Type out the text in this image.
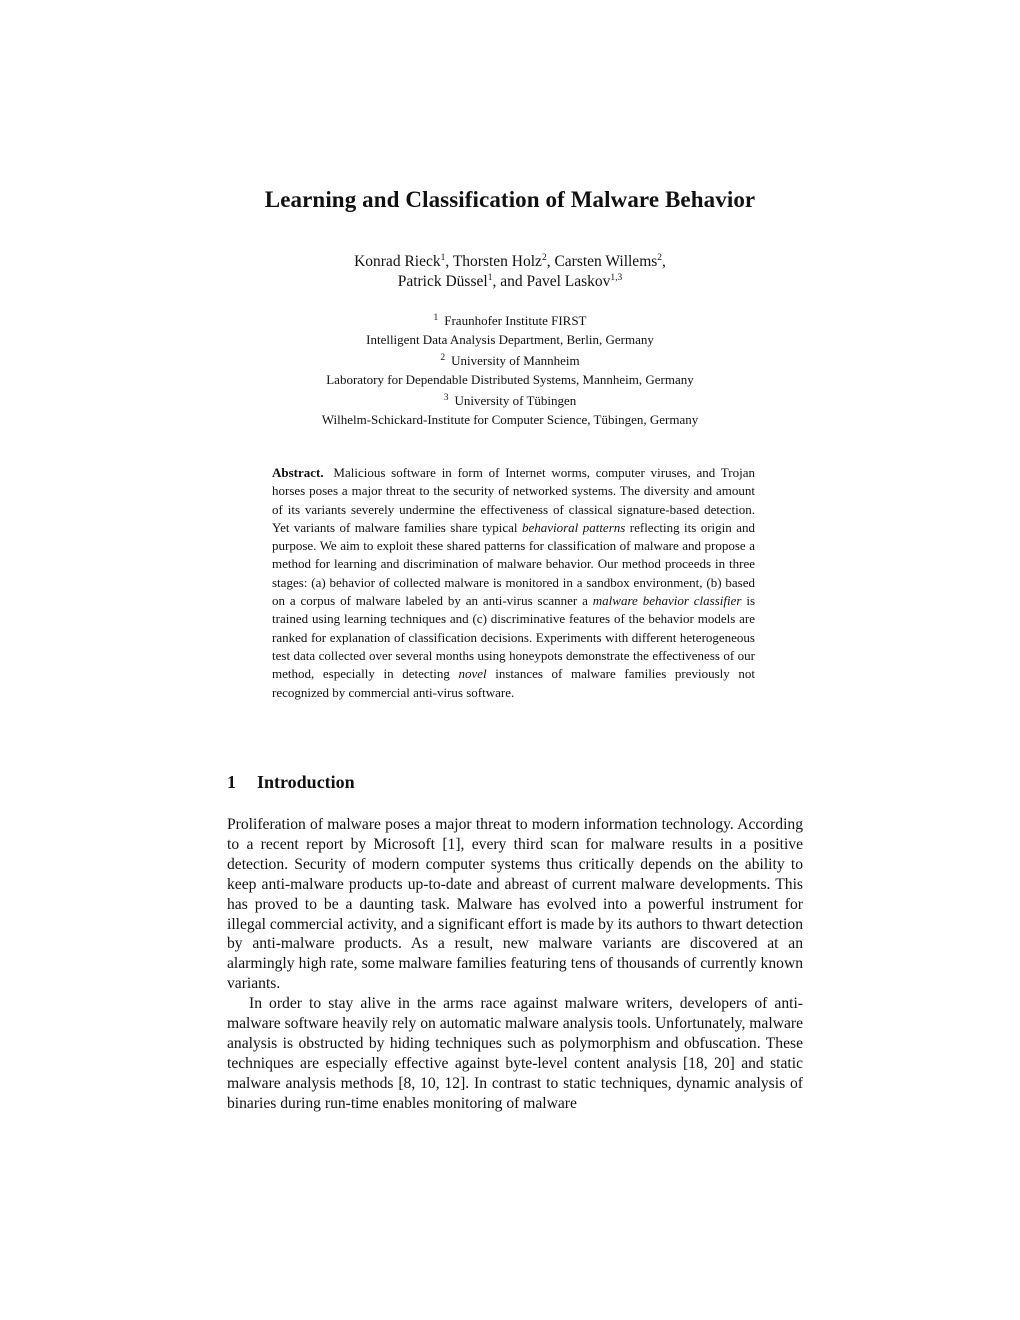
Learning and Classification of Malware Behavior
Konrad Rieck$^1$, Thorsten Holz$^2$, Carsten Willems$^2$,
Patrick Düssel$^1$, and Pavel Laskov$^{1,3}$
$^1$ Fraunhofer Institute FIRST
Intelligent Data Analysis Department, Berlin, Germany
$^2$ University of Mannheim
Laboratory for Dependable Distributed Systems, Mannheim, Germany
$^3$ University of Tübingen
Wilhelm-Schickard-Institute for Computer Science, Tübingen, Germany
Abstract. Malicious software in form of Internet worms, computer viruses, and Trojan horses poses a major threat to the security of networked systems. The diversity and amount of its variants severely undermine the effectiveness of classical signature-based detection. Yet variants of malware families share typical behavioral patterns reflecting its origin and purpose. We aim to exploit these shared patterns for classification of malware and propose a method for learning and discrimination of malware behavior. Our method proceeds in three stages: (a) behavior of collected malware is monitored in a sandbox environment, (b) based on a corpus of malware labeled by an anti-virus scanner a malware behavior classifier is trained using learning techniques and (c) discriminative features of the behavior models are ranked for explanation of classification decisions. Experiments with different heterogeneous test data collected over several months using honeypots demonstrate the effectiveness of our method, especially in detecting novel instances of malware families previously not recognized by commercial anti-virus software.
1 Introduction

Proliferation of malware poses a major threat to modern information technology. According to a recent report by Microsoft [1], every third scan for malware results in a positive detection. Security of modern computer systems thus critically depends on the ability to keep anti-malware products up-to-date and abreast of current malware developments. This has proved to be a daunting task. Malware has evolved into a powerful instrument for illegal commercial activity, and a significant effort is made by its authors to thwart detection by anti-malware products. As a result, new malware variants are discovered at an alarmingly high rate, some malware families featuring tens of thousands of currently known variants.

In order to stay alive in the arms race against malware writers, developers of anti-malware software heavily rely on automatic malware analysis tools. Unfortunately, malware analysis is obstructed by hiding techniques such as polymorphism and obfuscation. These techniques are especially effective against byte-level content analysis [18, 20] and static malware analysis methods [8, 10, 12]. In contrast to static techniques, dynamic analysis of binaries during run-time enables monitoring of malware
